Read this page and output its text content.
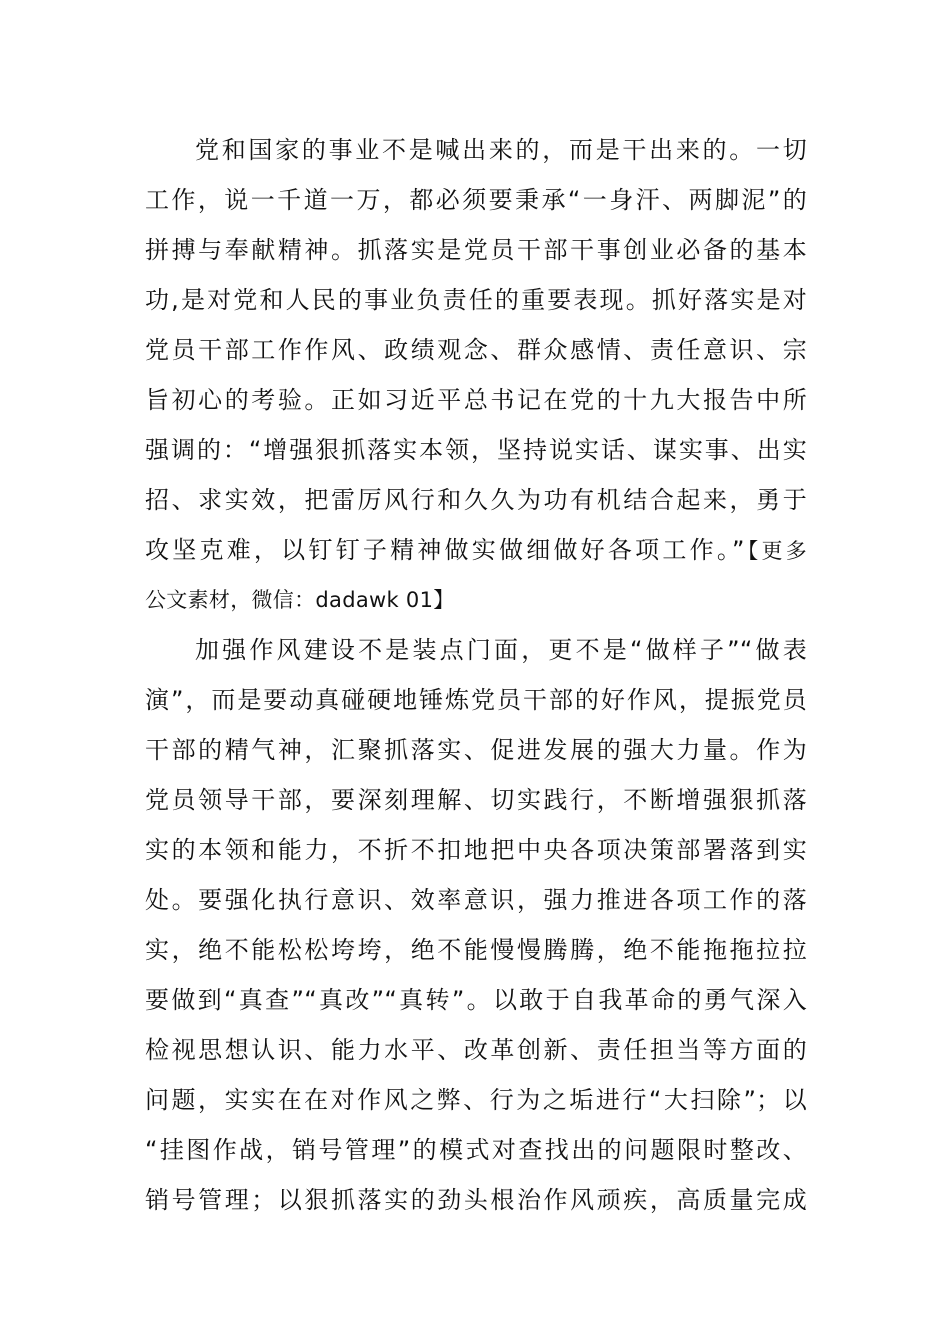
党和国家的事业不是喊出来的，而是干出来的。一切
工作，说一千道一万，都必须要秉承“一身汗、两脚泥”的
拼搏与奉献精神。抓落实是党员干部干事创业必备的基本
功,是对党和人民的事业负责任的重要表现。抓好落实是对
党员干部工作作风、政绩观念、群众感情、责任意识、宗
旨初心的考验。正如习近平总书记在党的十九大报告中所
强调的：“增强狠抓落实本领，坚持说实话、谋实事、出实
招、求实效，把雷厉风行和久久为功有机结合起来，勇于
攻坚克难，以钉钉子精神做实做细做好各项工作。”【更多
公文素材，微信：dadawk 01】
加强作风建设不是装点门面，更不是“做样子”“做表
演”，而是要动真碰硬地锤炼党员干部的好作风，提振党员
干部的精气神，汇聚抓落实、促进发展的强大力量。作为
党员领导干部，要深刻理解、切实践行，不断增强狠抓落
实的本领和能力，不折不扣地把中央各项决策部署落到实
处。要强化执行意识、效率意识，强力推进各项工作的落
实，绝不能松松垮垮，绝不能慢慢腾腾，绝不能拖拖拉拉
要做到“真查”“真改”“真转”。以敢于自我革命的勇气深入
检视思想认识、能力水平、改革创新、责任担当等方面的
问题，实实在在对作风之弊、行为之垢进行“大扫除”；以
“挂图作战，销号管理”的模式对查找出的问题限时整改、
销号管理；以狠抓落实的劲头根治作风顽疾，高质量完成
